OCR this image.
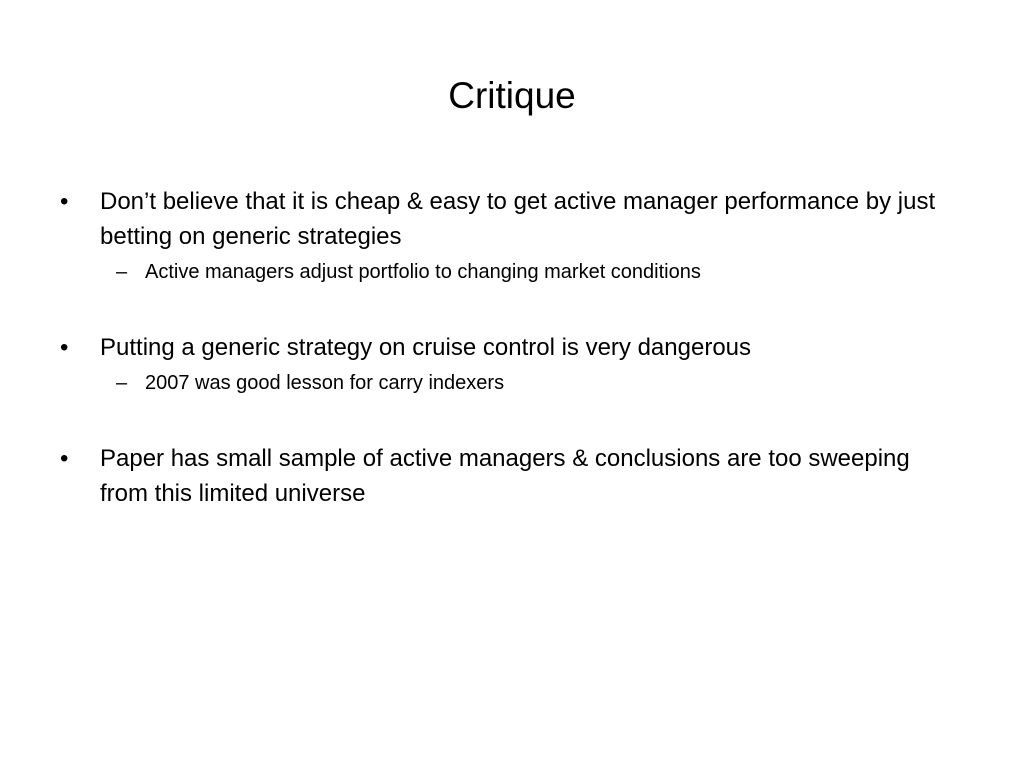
Critique
• Don’t believe that it is cheap & easy to get active manager performance by just betting on generic strategies
– Active managers adjust portfolio to changing market conditions
• Putting a generic strategy on cruise control is very dangerous
– 2007 was good lesson for carry indexers
• Paper has small sample of active managers & conclusions are too sweeping from this limited universe
